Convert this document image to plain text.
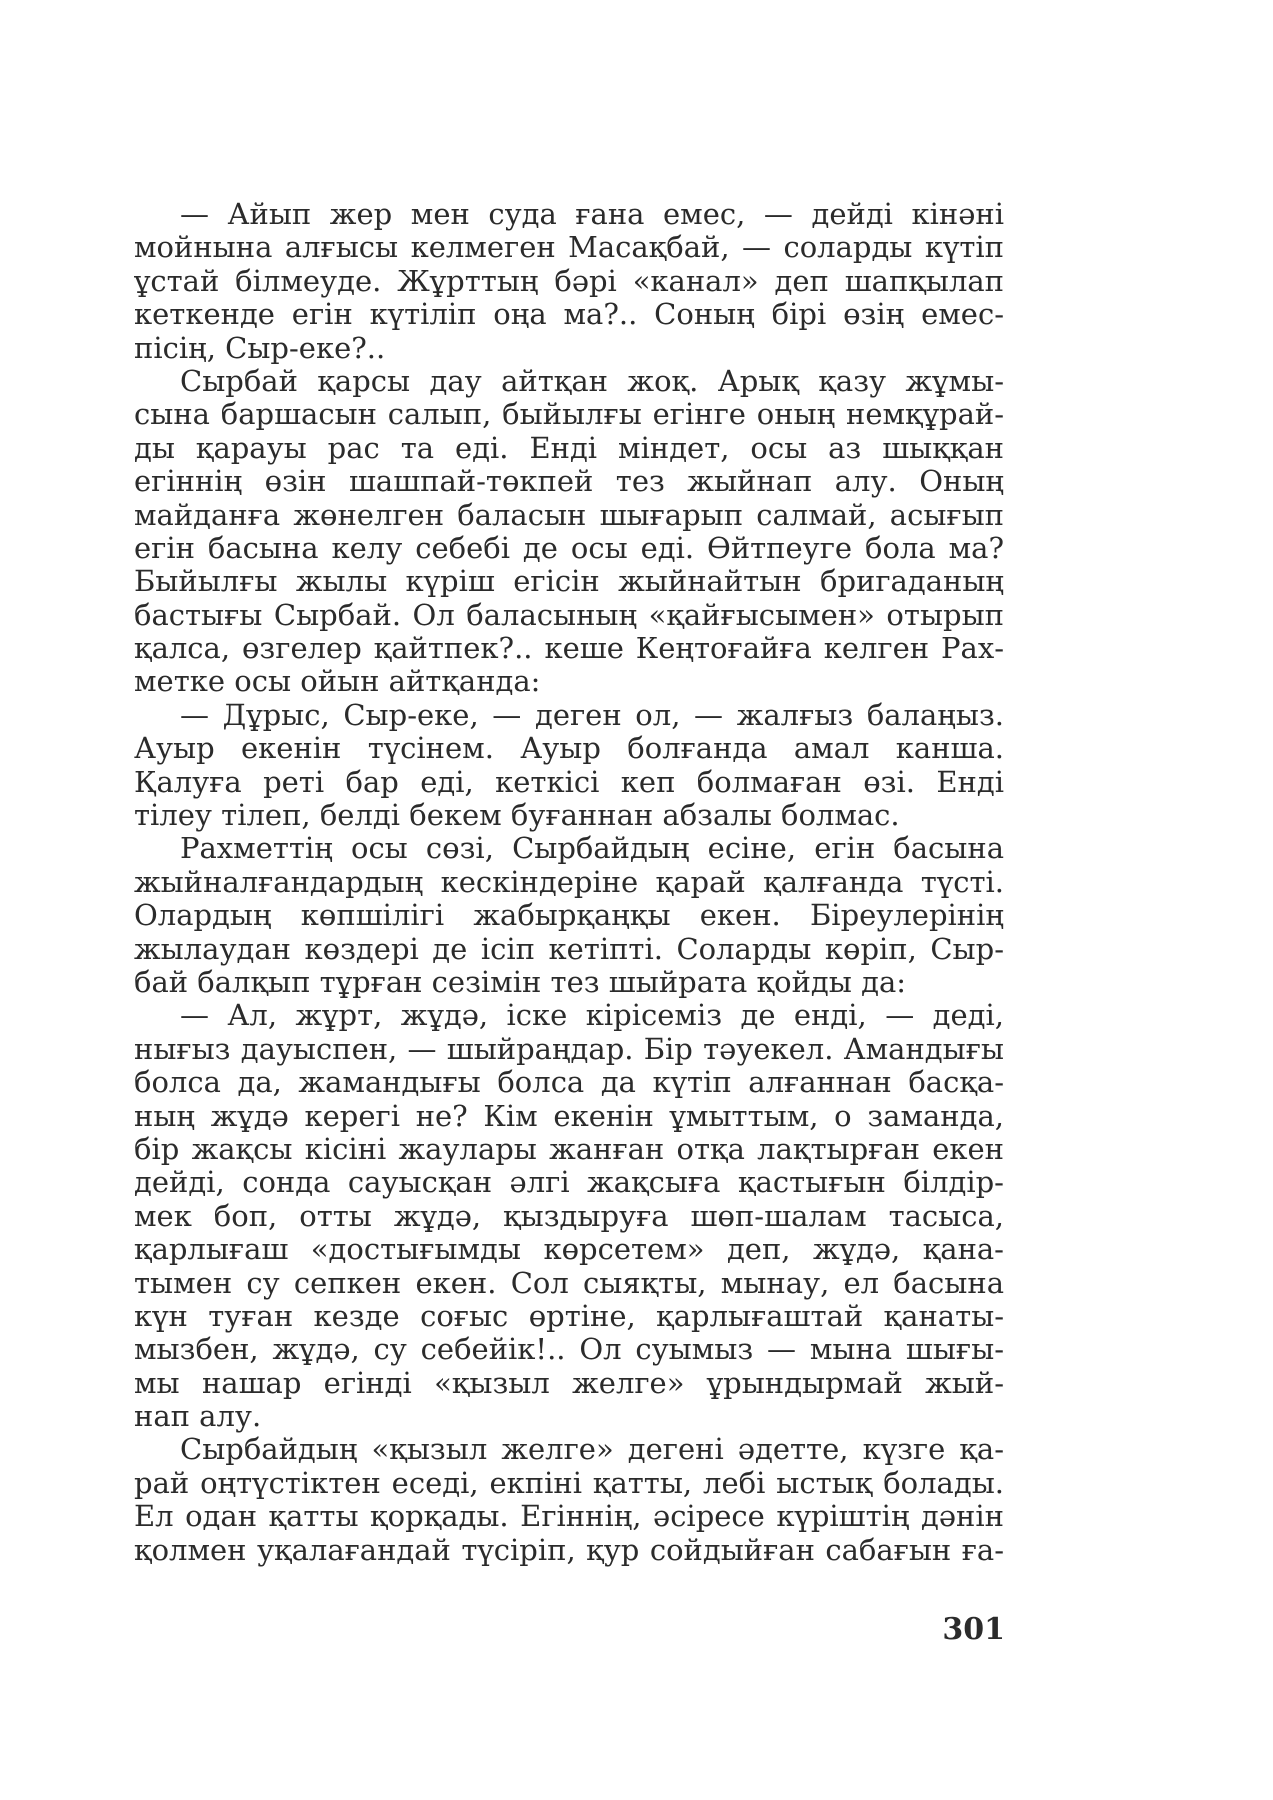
— Айып жер мен суда ғана емес, — дейді кінәні
мойнына алғысы келмеген Масақбай, — соларды күтіп
ұстай білмеуде. Жұрттың бәрі «канал» деп шапқылап
кеткенде егін күтіліп оңа ма?.. Соның бірі өзің емес-
пісің, Сыр-еке?..
Сырбай қарсы дау айтқан жоқ. Арық қазу жұмы-
сына баршасын салып, быйылғы егінге оның немқұрай-
ды қарауы рас та еді. Енді міндет, осы аз шыққан
егіннің өзін шашпай-төкпей тез жыйнап алу. Оның
майданға жөнелген баласын шығарып салмай, асығып
егін басына келу себебі де осы еді. Өйтпеуге бола ма?
Быйылғы жылы күріш егісін жыйнайтын бригаданың
бастығы Сырбай. Ол баласының «қайғысымен» отырып
қалса, өзгелер қайтпек?.. кеше Кеңтоғайға келген Рах-
метке осы ойын айтқанда:
— Дұрыс, Сыр-еке, — деген ол, — жалғыз балаңыз.
Ауыр екенін түсінем. Ауыр болғанда амал канша.
Қалуға реті бар еді, кеткісі кеп болмаған өзі. Енді
тілеу тілеп, белді бекем буғаннан абзалы болмас.
Рахметтің осы сөзі, Сырбайдың есіне, егін басына
жыйналғандардың кескіндеріне қарай қалғанда түсті.
Олардың көпшілігі жабырқаңқы екен. Біреулерінің
жылаудан көздері де ісіп кетіпті. Соларды көріп, Сыр-
бай балқып тұрған сезімін тез шыйрата қойды да:
— Ал, жұрт, жұдә, іске кірісеміз де енді, — деді,
нығыз дауыспен, — шыйраңдар. Бір тәуекел. Амандығы
болса да, жамандығы болса да күтіп алғаннан басқа-
ның жұдә керегі не? Кім екенін ұмыттым, о заманда,
бір жақсы кісіні жаулары жанған отқа лақтырған екен
дейді, сонда сауысқан әлгі жақсыға қастығын білдір-
мек боп, отты жұдә, қыздыруға шөп-шалам тасыса,
қарлығаш «достығымды көрсетем» деп, жұдә, қана-
тымен су сепкен екен. Сол сыяқты, мынау, ел басына
күн туған кезде соғыс өртіне, қарлығаштай қанаты-
мызбен, жұдә, су себейік!.. Ол суымыз — мына шығы-
мы нашар егінді «қызыл желге» ұрындырмай жый-
нап алу.
Сырбайдың «қызыл желге» дегені әдетте, күзге қа-
рай оңтүстіктен еседі, екпіні қатты, лебі ыстық болады.
Ел одан қатты қорқады. Егіннің, әсіресе күріштің дәнін
қолмен уқалағандай түсіріп, қур сойдыйған сабағын ға-
301
